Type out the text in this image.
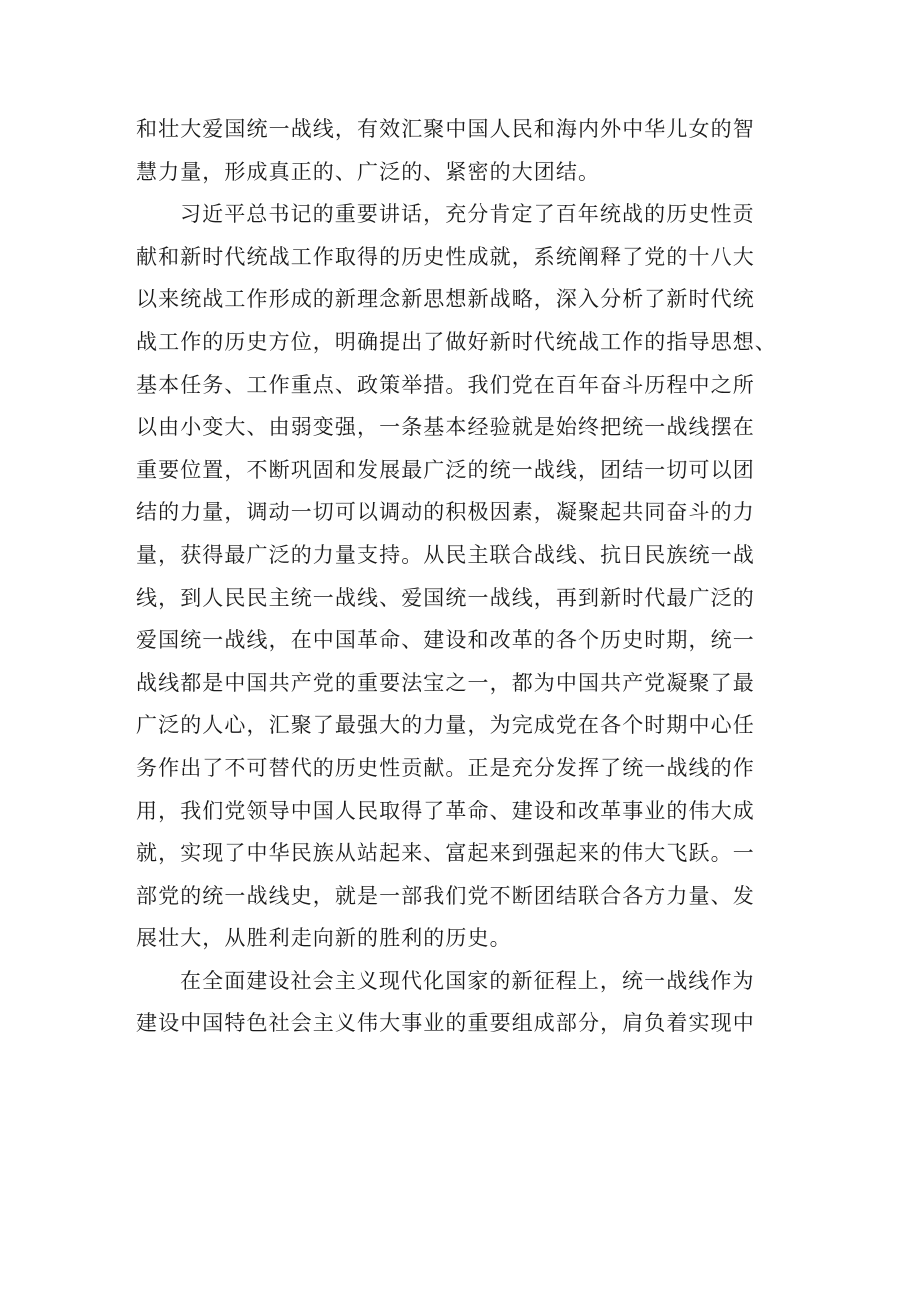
和壮大爱国统一战线，有效汇聚中国人民和海内外中华儿女的智
慧力量，形成真正的、广泛的、紧密的大团结。
习近平总书记的重要讲话，充分肯定了百年统战的历史性贡
献和新时代统战工作取得的历史性成就，系统阐释了党的十八大
以来统战工作形成的新理念新思想新战略，深入分析了新时代统
战工作的历史方位，明确提出了做好新时代统战工作的指导思想、
基本任务、工作重点、政策举措。我们党在百年奋斗历程中之所
以由小变大、由弱变强，一条基本经验就是始终把统一战线摆在
重要位置，不断巩固和发展最广泛的统一战线，团结一切可以团
结的力量，调动一切可以调动的积极因素，凝聚起共同奋斗的力
量，获得最广泛的力量支持。从民主联合战线、抗日民族统一战
线，到人民民主统一战线、爱国统一战线，再到新时代最广泛的
爱国统一战线，在中国革命、建设和改革的各个历史时期，统一
战线都是中国共产党的重要法宝之一，都为中国共产党凝聚了最
广泛的人心，汇聚了最强大的力量，为完成党在各个时期中心任
务作出了不可替代的历史性贡献。正是充分发挥了统一战线的作
用，我们党领导中国人民取得了革命、建设和改革事业的伟大成
就，实现了中华民族从站起来、富起来到强起来的伟大飞跃。一
部党的统一战线史，就是一部我们党不断团结联合各方力量、发
展壮大，从胜利走向新的胜利的历史。
在全面建设社会主义现代化国家的新征程上，统一战线作为
建设中国特色社会主义伟大事业的重要组成部分，肩负着实现中
